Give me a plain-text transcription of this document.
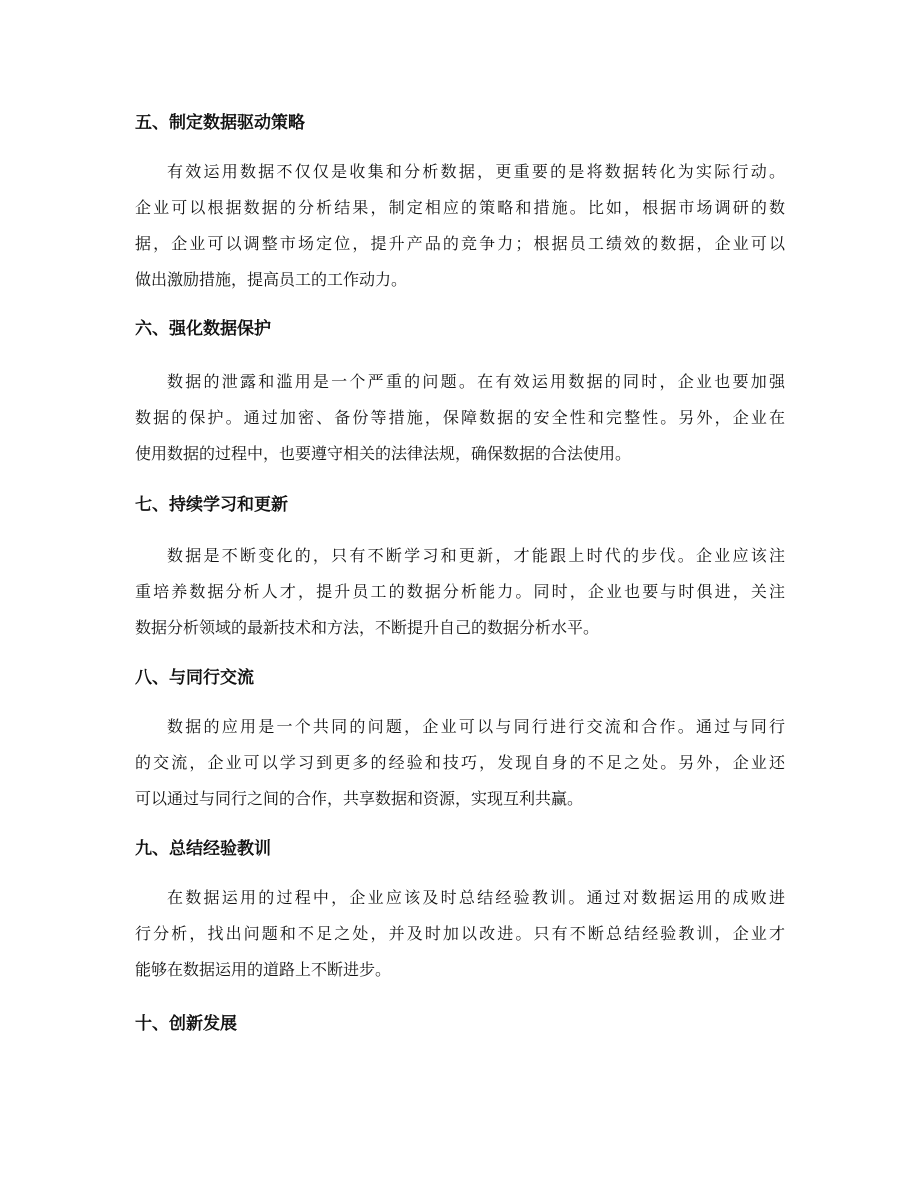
五、制定数据驱动策略
有效运用数据不仅仅是收集和分析数据，更重要的是将数据转化为实际行动。
企业可以根据数据的分析结果，制定相应的策略和措施。比如，根据市场调研的数
据，企业可以调整市场定位，提升产品的竞争力；根据员工绩效的数据，企业可以
做出激励措施，提高员工的工作动力。
六、强化数据保护
数据的泄露和滥用是一个严重的问题。在有效运用数据的同时，企业也要加强
数据的保护。通过加密、备份等措施，保障数据的安全性和完整性。另外，企业在
使用数据的过程中，也要遵守相关的法律法规，确保数据的合法使用。
七、持续学习和更新
数据是不断变化的，只有不断学习和更新，才能跟上时代的步伐。企业应该注
重培养数据分析人才，提升员工的数据分析能力。同时，企业也要与时俱进，关注
数据分析领域的最新技术和方法，不断提升自己的数据分析水平。
八、与同行交流
数据的应用是一个共同的问题，企业可以与同行进行交流和合作。通过与同行
的交流，企业可以学习到更多的经验和技巧，发现自身的不足之处。另外，企业还
可以通过与同行之间的合作，共享数据和资源，实现互利共赢。
九、总结经验教训
在数据运用的过程中，企业应该及时总结经验教训。通过对数据运用的成败进
行分析，找出问题和不足之处，并及时加以改进。只有不断总结经验教训，企业才
能够在数据运用的道路上不断进步。
十、创新发展
